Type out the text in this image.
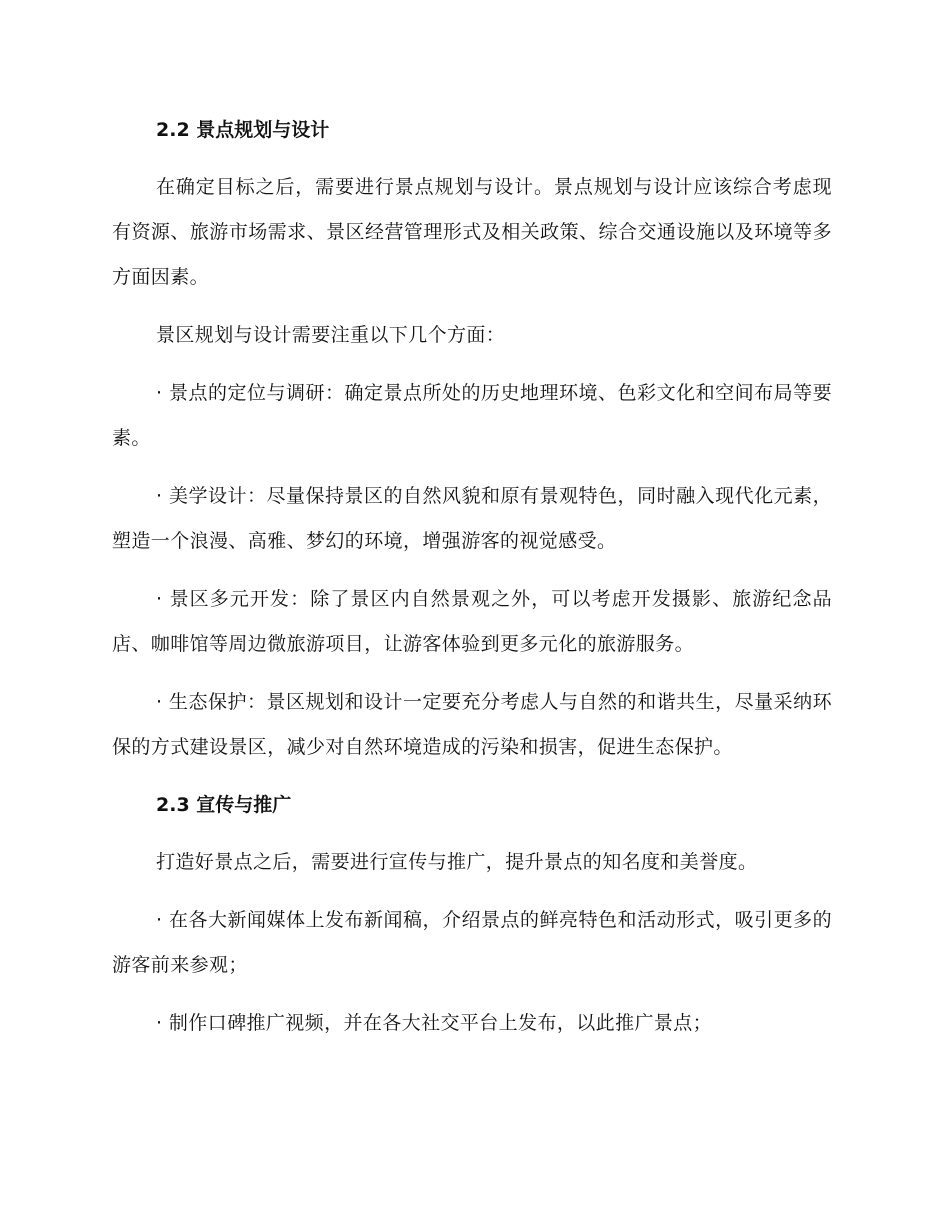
2.2 景点规划与设计

在确定目标之后，需要进行景点规划与设计。景点规划与设计应该综合考虑现有资源、旅游市场需求、景区经营管理形式及相关政策、综合交通设施以及环境等多方面因素。

景区规划与设计需要注重以下几个方面：

· 景点的定位与调研：确定景点所处的历史地理环境、色彩文化和空间布局等要素。

· 美学设计：尽量保持景区的自然风貌和原有景观特色，同时融入现代化元素，塑造一个浪漫、高雅、梦幻的环境，增强游客的视觉感受。

· 景区多元开发：除了景区内自然景观之外，可以考虑开发摄影、旅游纪念品店、咖啡馆等周边微旅游项目，让游客体验到更多元化的旅游服务。

· 生态保护：景区规划和设计一定要充分考虑人与自然的和谐共生，尽量采纳环保的方式建设景区，减少对自然环境造成的污染和损害，促进生态保护。

2.3 宣传与推广

打造好景点之后，需要进行宣传与推广，提升景点的知名度和美誉度。

· 在各大新闻媒体上发布新闻稿，介绍景点的鲜亮特色和活动形式，吸引更多的游客前来参观；

· 制作口碑推广视频，并在各大社交平台上发布，以此推广景点；
